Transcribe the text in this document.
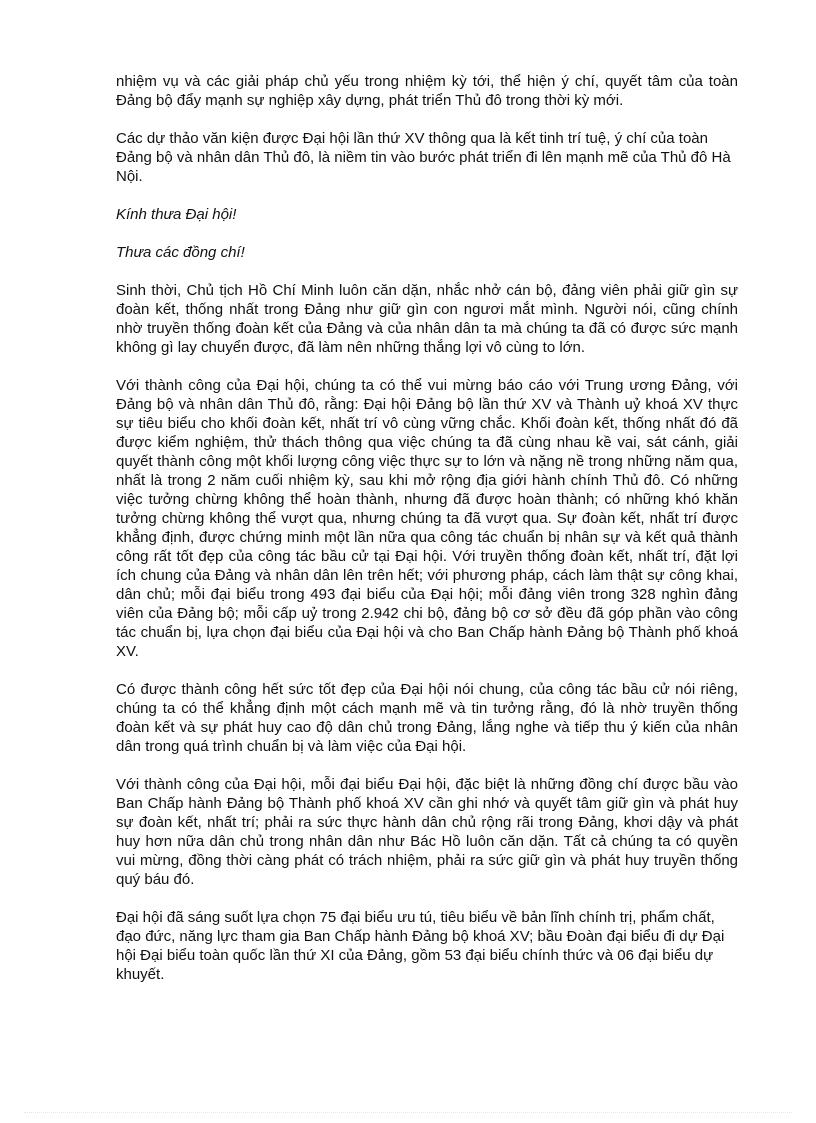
nhiệm vụ và các giải pháp chủ yếu trong nhiệm kỳ tới, thể hiện ý chí, quyết tâm của toàn Đảng bộ đẩy mạnh sự nghiệp xây dựng, phát triển Thủ đô trong thời kỳ mới.

Các dự thảo văn kiện được Đại hội lần thứ XV thông qua là kết tinh trí tuệ, ý chí của toàn Đảng bộ và nhân dân Thủ đô, là niềm tin vào bước phát triển đi lên mạnh mẽ của Thủ đô Hà Nội.

Kính thưa Đại hội!

Thưa các đồng chí!

Sinh thời, Chủ tịch Hồ Chí Minh luôn căn dặn, nhắc nhở cán bộ, đảng viên phải giữ gìn sự đoàn kết, thống nhất trong Đảng như giữ gìn con ngươi mắt mình. Người nói, cũng chính nhờ truyền thống đoàn kết của Đảng và của nhân dân ta mà chúng ta đã có được sức mạnh không gì lay chuyển được, đã làm nên những thắng lợi vô cùng to lớn.

Với thành công của Đại hội, chúng ta có thể vui mừng báo cáo với Trung ương Đảng, với Đảng bộ và nhân dân Thủ đô, rằng: Đại hội Đảng bộ lần thứ XV và Thành uỷ khoá XV thực sự tiêu biểu cho khối đoàn kết, nhất trí vô cùng vững chắc. Khối đoàn kết, thống nhất đó đã được kiểm nghiệm, thử thách thông qua việc chúng ta đã cùng nhau kề vai, sát cánh, giải quyết thành công một khối lượng công việc thực sự to lớn và nặng nề trong những năm qua, nhất là trong 2 năm cuối nhiệm kỳ, sau khi mở rộng địa giới hành chính Thủ đô. Có những việc tưởng chừng không thể hoàn thành, nhưng đã được hoàn thành; có những khó khăn tưởng chừng không thể vượt qua, nhưng chúng ta đã vượt qua. Sự đoàn kết, nhất trí được khẳng định, được chứng minh một lần nữa qua công tác chuẩn bị nhân sự và kết quả thành công rất tốt đẹp của công tác bầu cử tại Đại hội. Với truyền thống đoàn kết, nhất trí, đặt lợi ích chung của Đảng và nhân dân lên trên hết; với phương pháp, cách làm thật sự công khai, dân chủ; mỗi đại biểu trong 493 đại biểu của Đại hội; mỗi đảng viên trong 328 nghìn đảng viên của Đảng bộ; mỗi cấp uỷ trong 2.942 chi bộ, đảng bộ cơ sở đều đã góp phần vào công tác chuẩn bị, lựa chọn đại biểu của Đại hội và cho Ban Chấp hành Đảng bộ Thành phố khoá XV.

Có được thành công hết sức tốt đẹp của Đại hội nói chung, của công tác bầu cử nói riêng, chúng ta có thể khẳng định một cách mạnh mẽ và tin tưởng rằng, đó là nhờ truyền thống đoàn kết và sự phát huy cao độ dân chủ trong Đảng, lắng nghe và tiếp thu ý kiến của nhân dân trong quá trình chuẩn bị và làm việc của Đại hội.

Với thành công của Đại hội, mỗi đại biểu Đại hội, đặc biệt là những đồng chí được bầu vào Ban Chấp hành Đảng bộ Thành phố khoá XV cần ghi nhớ và quyết tâm giữ gìn và phát huy sự đoàn kết, nhất trí; phải ra sức thực hành dân chủ rộng rãi trong Đảng, khơi dậy và phát huy hơn nữa dân chủ trong nhân dân như Bác Hồ luôn căn dặn. Tất cả chúng ta có quyền vui mừng, đồng thời càng phát có trách nhiệm, phải ra sức giữ gìn và phát huy truyền thống quý báu đó.

Đại hội đã sáng suốt lựa chọn 75 đại biểu ưu tú, tiêu biểu về bản lĩnh chính trị, phẩm chất, đạo đức, năng lực tham gia Ban Chấp hành Đảng bộ khoá XV; bầu Đoàn đại biểu đi dự Đại hội Đại biểu toàn quốc lần thứ XI của Đảng, gồm 53 đại biểu chính thức và 06 đại biểu dự khuyết.
